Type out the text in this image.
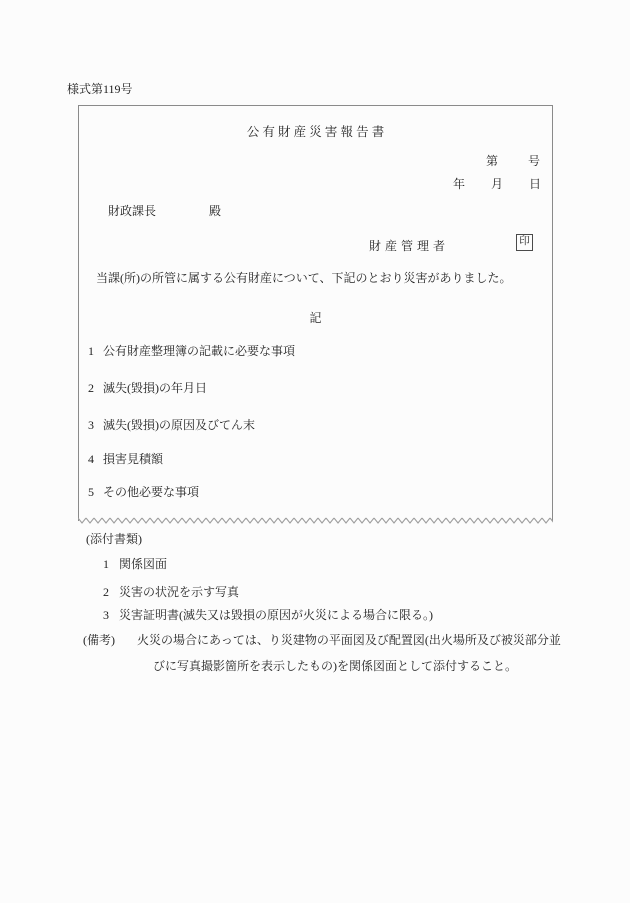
様式第119号
公 有 財 産 災 害 報 告 書
第 号
年 月 日
財政課長	殿
財産管理者	印
当課(所)の所管に属する公有財産について、下記のとおり災害がありました。
記
1 公有財産整理簿の記載に必要な事項
2 滅失(毀損)の年月日
3 滅失(毀損)の原因及びてん末
4 損害見積額
5 その他必要な事項
(添付書類)
1 関係図面
2 災害の状況を示す写真
3 災害証明書(滅失又は毀損の原因が火災による場合に限る。)
(備考) 火災の場合にあっては、り災建物の平面図及び配置図(出火場所及び被災部分並
びに写真撮影箇所を表示したもの)を関係図面として添付すること。
